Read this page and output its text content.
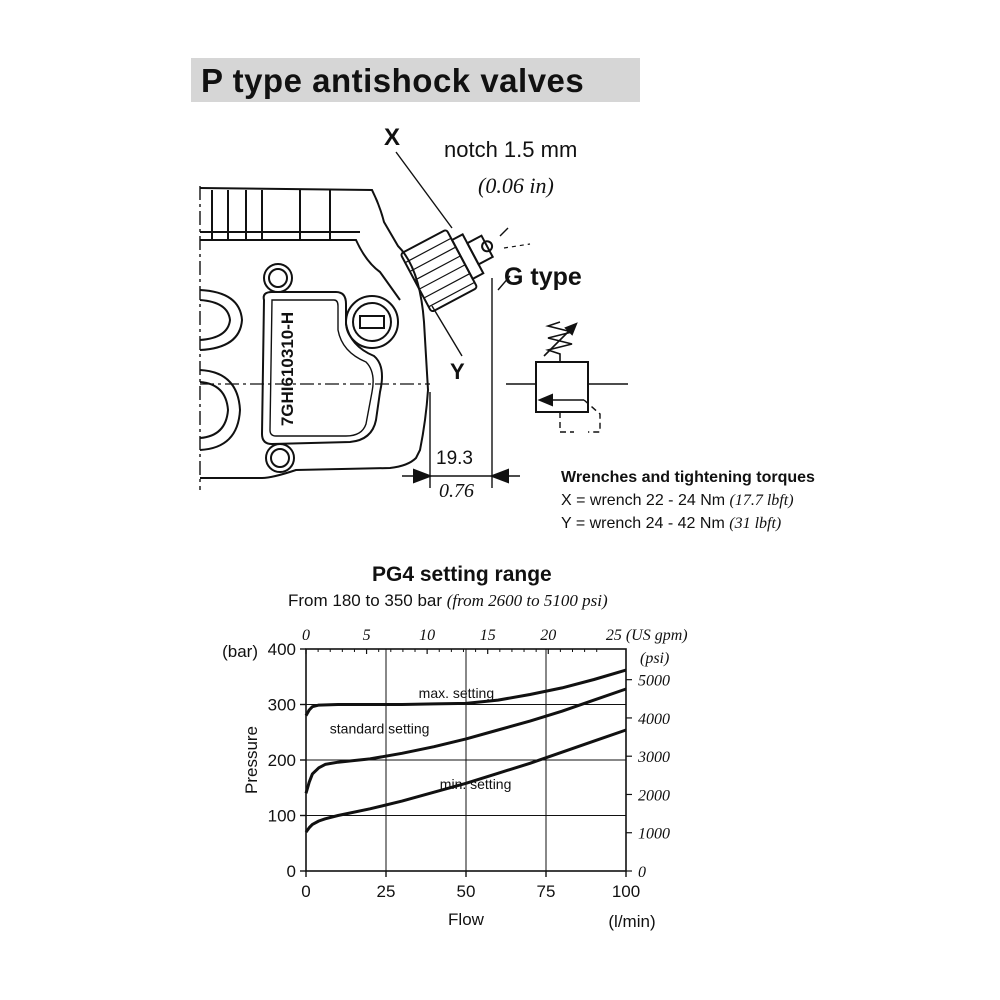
P type antishock valves
X notch 1.5 mm
(0.06 in)
G type
Y
7GHI610310-H
19.3
0.76
Wrenches and tightening torques
X = wrench 22 - 24 Nm (17.7 lbft)
Y = wrench 24 - 42 Nm (31 lbft)
PG4 setting range
From 180 to 350 bar (from 2600 to 5100 psi)
0	25	50	75	100
0
100
200
300
400
0	5	10	15	20	25 (US gpm)
0
1000
2000
3000
4000
5000
(psi)
(bar)
Pressure
Flow	(l/min)
max. setting
standard setting
min. setting
